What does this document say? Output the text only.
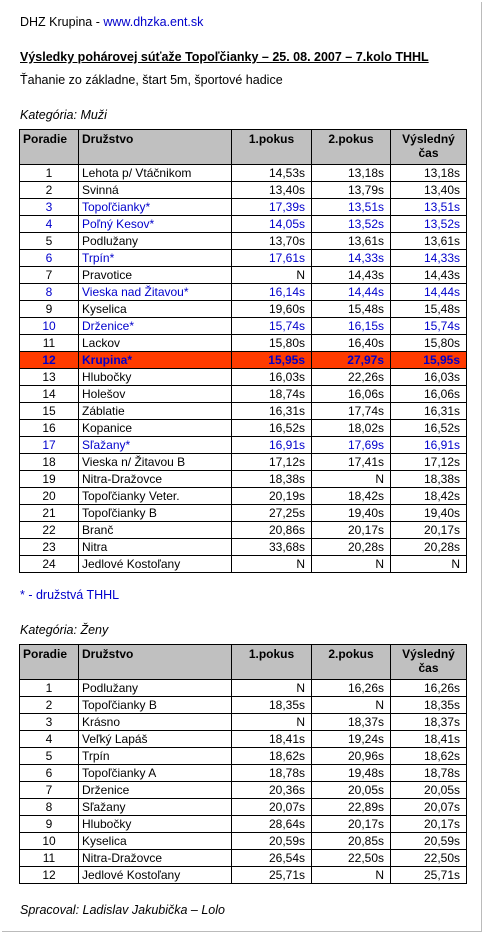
DHZ Krupina - www.dhzka.ent.sk
Výsledky pohárovej súťaže Topoľčianky – 25. 08. 2007 – 7.kolo THHL
Ťahanie zo základne, štart 5m, športové hadice
Kategória: Muži
Poradie	Družstvo	1.pokus	2.pokus	Výsledný čas
1	Lehota p/ Vtáčnikom	14,53s	13,18s	13,18s
2	Svinná	13,40s	13,79s	13,40s
3	Topoľčianky*	17,39s	13,51s	13,51s
4	Poľný Kesov*	14,05s	13,52s	13,52s
5	Podlužany	13,70s	13,61s	13,61s
6	Trpín*	17,61s	14,33s	14,33s
7	Pravotice	N	14,43s	14,43s
8	Vieska nad Žitavou*	16,14s	14,44s	14,44s
9	Kyselica	19,60s	15,48s	15,48s
10	Drženice*	15,74s	16,15s	15,74s
11	Lackov	15,80s	16,40s	15,80s
12	Krupina*	15,95s	27,97s	15,95s
13	Hlubočky	16,03s	22,26s	16,03s
14	Holešov	18,74s	16,06s	16,06s
15	Záblatie	16,31s	17,74s	16,31s
16	Kopanice	16,52s	18,02s	16,52s
17	Sľažany*	16,91s	17,69s	16,91s
18	Vieska n/ Žitavou B	17,12s	17,41s	17,12s
19	Nitra-Dražovce	18,38s	N	18,38s
20	Topoľčianky Veter.	20,19s	18,42s	18,42s
21	Topoľčianky B	27,25s	19,40s	19,40s
22	Branč	20,86s	20,17s	20,17s
23	Nitra	33,68s	20,28s	20,28s
24	Jedlové Kostoľany	N	N	N
* - družstvá THHL
Kategória: Ženy
Poradie	Družstvo	1.pokus	2.pokus	Výsledný čas
1	Podlužany	N	16,26s	16,26s
2	Topoľčianky B	18,35s	N	18,35s
3	Krásno	N	18,37s	18,37s
4	Veľký Lapáš	18,41s	19,24s	18,41s
5	Trpín	18,62s	20,96s	18,62s
6	Topoľčianky A	18,78s	19,48s	18,78s
7	Drženice	20,36s	20,05s	20,05s
8	Sľažany	20,07s	22,89s	20,07s
9	Hlubočky	28,64s	20,17s	20,17s
10	Kyselica	20,59s	20,85s	20,59s
11	Nitra-Dražovce	26,54s	22,50s	22,50s
12	Jedlové Kostoľany	25,71s	N	25,71s
Spracoval: Ladislav Jakubička – Lolo
